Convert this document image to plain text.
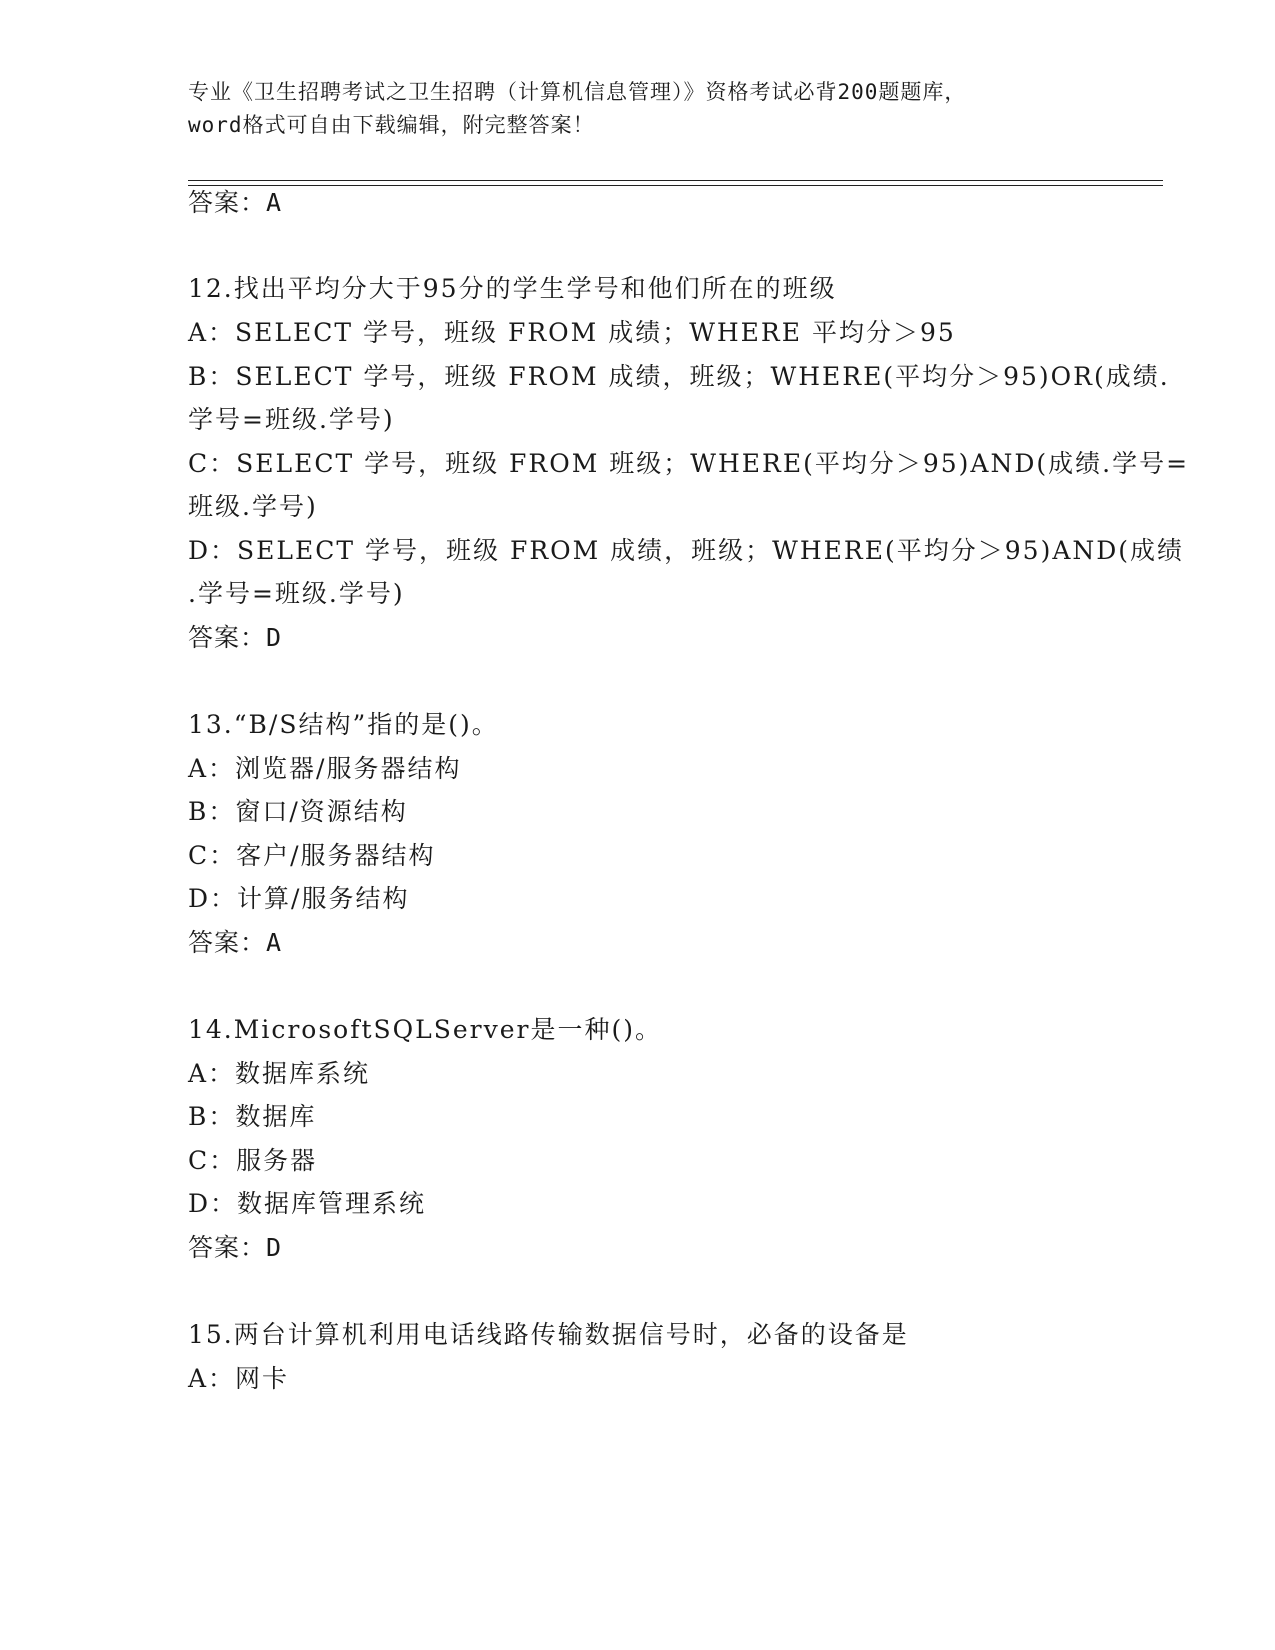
专业《卫生招聘考试之卫生招聘（计算机信息管理）》资格考试必背200题题库，
word格式可自由下载编辑，附完整答案！
答案：A
12.找出平均分大于95分的学生学号和他们所在的班级
A：SELECT 学号，班级 FROM 成绩；WHERE 平均分＞95
B：SELECT 学号，班级 FROM 成绩，班级；WHERE(平均分＞95)OR(成绩.
学号=班级.学号)
C：SELECT 学号，班级 FROM 班级；WHERE(平均分＞95)AND(成绩.学号=
班级.学号)
D：SELECT 学号，班级 FROM 成绩，班级；WHERE(平均分＞95)AND(成绩
.学号=班级.学号)
答案：D
13.“B/S结构”指的是()。
A：浏览器/服务器结构
B：窗口/资源结构
C：客户/服务器结构
D：计算/服务结构
答案：A
14.MicrosoftSQLServer是一种()。
A：数据库系统
B：数据库
C：服务器
D：数据库管理系统
答案：D
15.两台计算机利用电话线路传输数据信号时，必备的设备是
A：网卡
